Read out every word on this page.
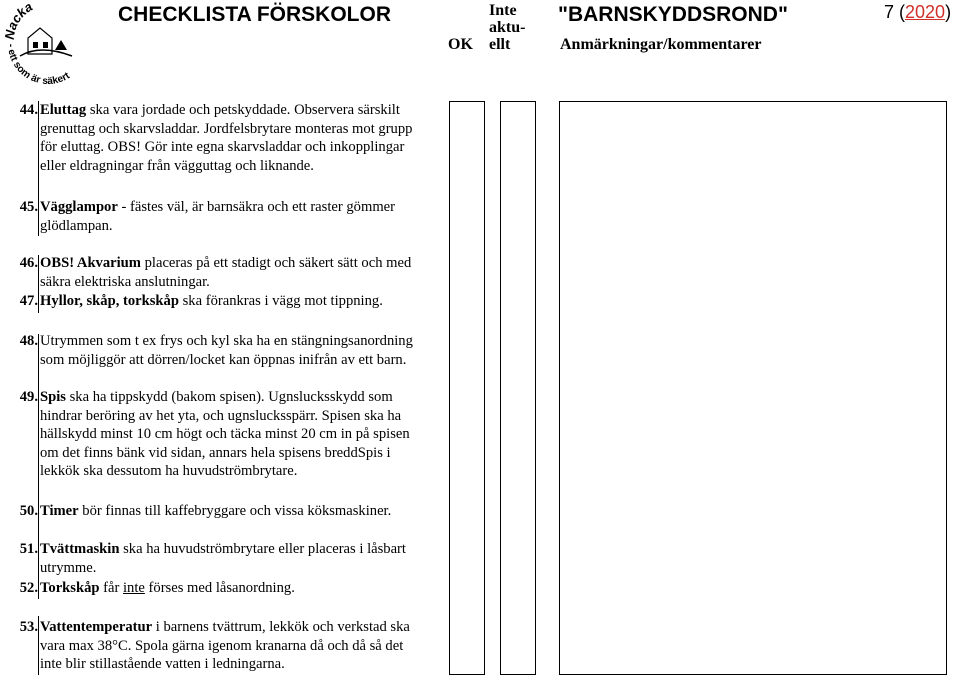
Nacka
- ett som är säkert
CHECKLISTA FÖRSKOLOR
OK
Inte
aktu-
ellt
"BARNSKYDDSROND"
Anmärkningar/kommentarer
7 (2020)
44. Eluttag ska vara jordade och petskyddade. Observera särskilt grenuttag och skarvsladdar. Jordfelsbrytare monteras mot grupp för eluttag. OBS! Gör inte egna skarvsladdar och inkopplingar eller eldragningar från vägguttag och liknande.
45. Vägglampor - fästes väl, är barnsäkra och ett raster gömmer glödlampan.
46. OBS! Akvarium placeras på ett stadigt och säkert sätt och med säkra elektriska anslutningar.
47. Hyllor, skåp, torkskåp ska förankras i vägg mot tippning.
48. Utrymmen som t ex frys och kyl ska ha en stängningsanordning som möjliggör att dörren/locket kan öppnas inifrån av ett barn.
49. Spis ska ha tippskydd (bakom spisen). Ugnslucksskydd som hindrar beröring av het yta, och ugnslucksspärr. Spisen ska ha hällskydd minst 10 cm högt och täcka minst 20 cm in på spisen om det finns bänk vid sidan, annars hela spisens breddSpis i lekkök ska dessutom ha huvudströmbrytare.
50. Timer bör finnas till kaffebryggare och vissa köksmaskiner.
51. Tvättmaskin ska ha huvudströmbrytare eller placeras i låsbart utrymme.
52. Torkskåp får inte förses med låsanordning.
53. Vattentemperatur i barnens tvättrum, lekkök och verkstad ska vara max 38°C. Spola gärna igenom kranarna då och då så det inte blir stillastående vatten i ledningarna.
